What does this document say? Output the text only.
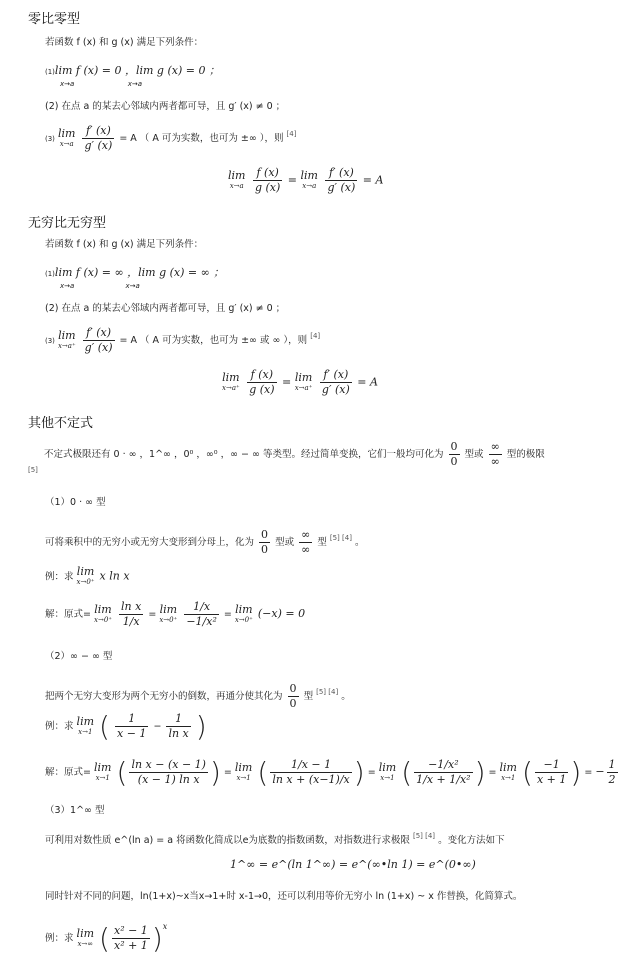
零比零型
若函数 f (x) 和 g (x) 满足下列条件：
(1)lim f (x) = 0 ，lim g (x) = 0 ；
x→a                        x→a
(2) 在点 a 的某去心邻域内两者都可导，且 g′ (x) ≠ 0 ；
(3) lim
x→a
$\frac{f' (x)}{g' (x)} = A$ （ A 可为实数，也可为 ±∞ ），则 [4]
lim
x→a
$\frac{f (x)}{g (x)} = \lim$
x→a
$\frac{f' (x)}{g' (x)} = A$
无穷比无穷型
若函数 f (x) 和 g (x) 满足下列条件：
(1)lim f (x) = ∞ ，lim g (x) = ∞ ；
x→a                       x→a
(2) 在点 a 的某去心邻域内两者都可导，且 g′ (x) ≠ 0 ；
(3) lim
x→a⁺
$\frac{f' (x)}{g' (x)} = A$ （ A 可为实数，也可为 ±∞ 或 ∞ ），则 [4]
lim
x→a⁺
$\frac{f (x)}{g (x)} = \lim$
x→a⁺
$\frac{f' (x)}{g' (x)} = A$
其他不定式
不定式极限还有 0 · ∞ ，1^∞ ，0⁰ ，∞⁰ ，∞ − ∞ 等类型。经过简单变换，它们一般均可化为 $\frac{0}{0}$ 型或
∞
∞
型的极限
[5]
（1）0 · ∞ 型
可将乘积中的无穷小或无穷大变形到分母上，化为 $\frac{0}{0}$ 型或
∞
∞
型 [5] [4] 。
例：求 lim
x→0⁺ x ln x
解：原式= lim
x→0⁺
$\frac{\text{ln x}}{1/x} = \lim$
x→0⁺
$\frac{1/x}{\text{−1/x²}} = \lim$
x→0⁺ (−x) = 0
（2）∞ − ∞ 型
把两个无穷大变形为两个无穷小的倒数，再通分使其化为 $\frac{0}{0}$ 型 [5] [4] 。
例：求 lim
x→1 ( $\frac{1}{x - 1} - \frac{1}{\text{ln x}}$ )
解：原式= lim
x→1 ( $\frac{\text{ln x − (x − 1)}}{\text{(x − 1) ln x}}$ ) = lim
x→1 ( $\frac{1/x - 1}{\text{ln x + (x−1)/x}}$ ) = lim
x→1 ( $\frac{\text{−1/x²}}{\text{1/x + 1/x²}}$ ) = lim
x→1 ( $\frac{-1}{x + 1}$ ) = − $\frac{1}{2}$
（3）1^∞ 型
可利用对数性质 e^(ln a) = a 将函数化简成以e为底数的指数函数，对指数进行求极限 [5] [4] 。变化方法如下
1^∞ = e^(ln 1^∞) = e^(∞•ln 1) = e^(0•∞)
同时针对不同的问题，ln(1+x)~x当x→1+时 x-1→0，还可以利用等价无穷小 ln (1+x) ~ x 作替换，化简算式。
例：求 lim
x→∞ ( $\frac{\text{x² − 1}}{\text{x² + 1}} )^x$
